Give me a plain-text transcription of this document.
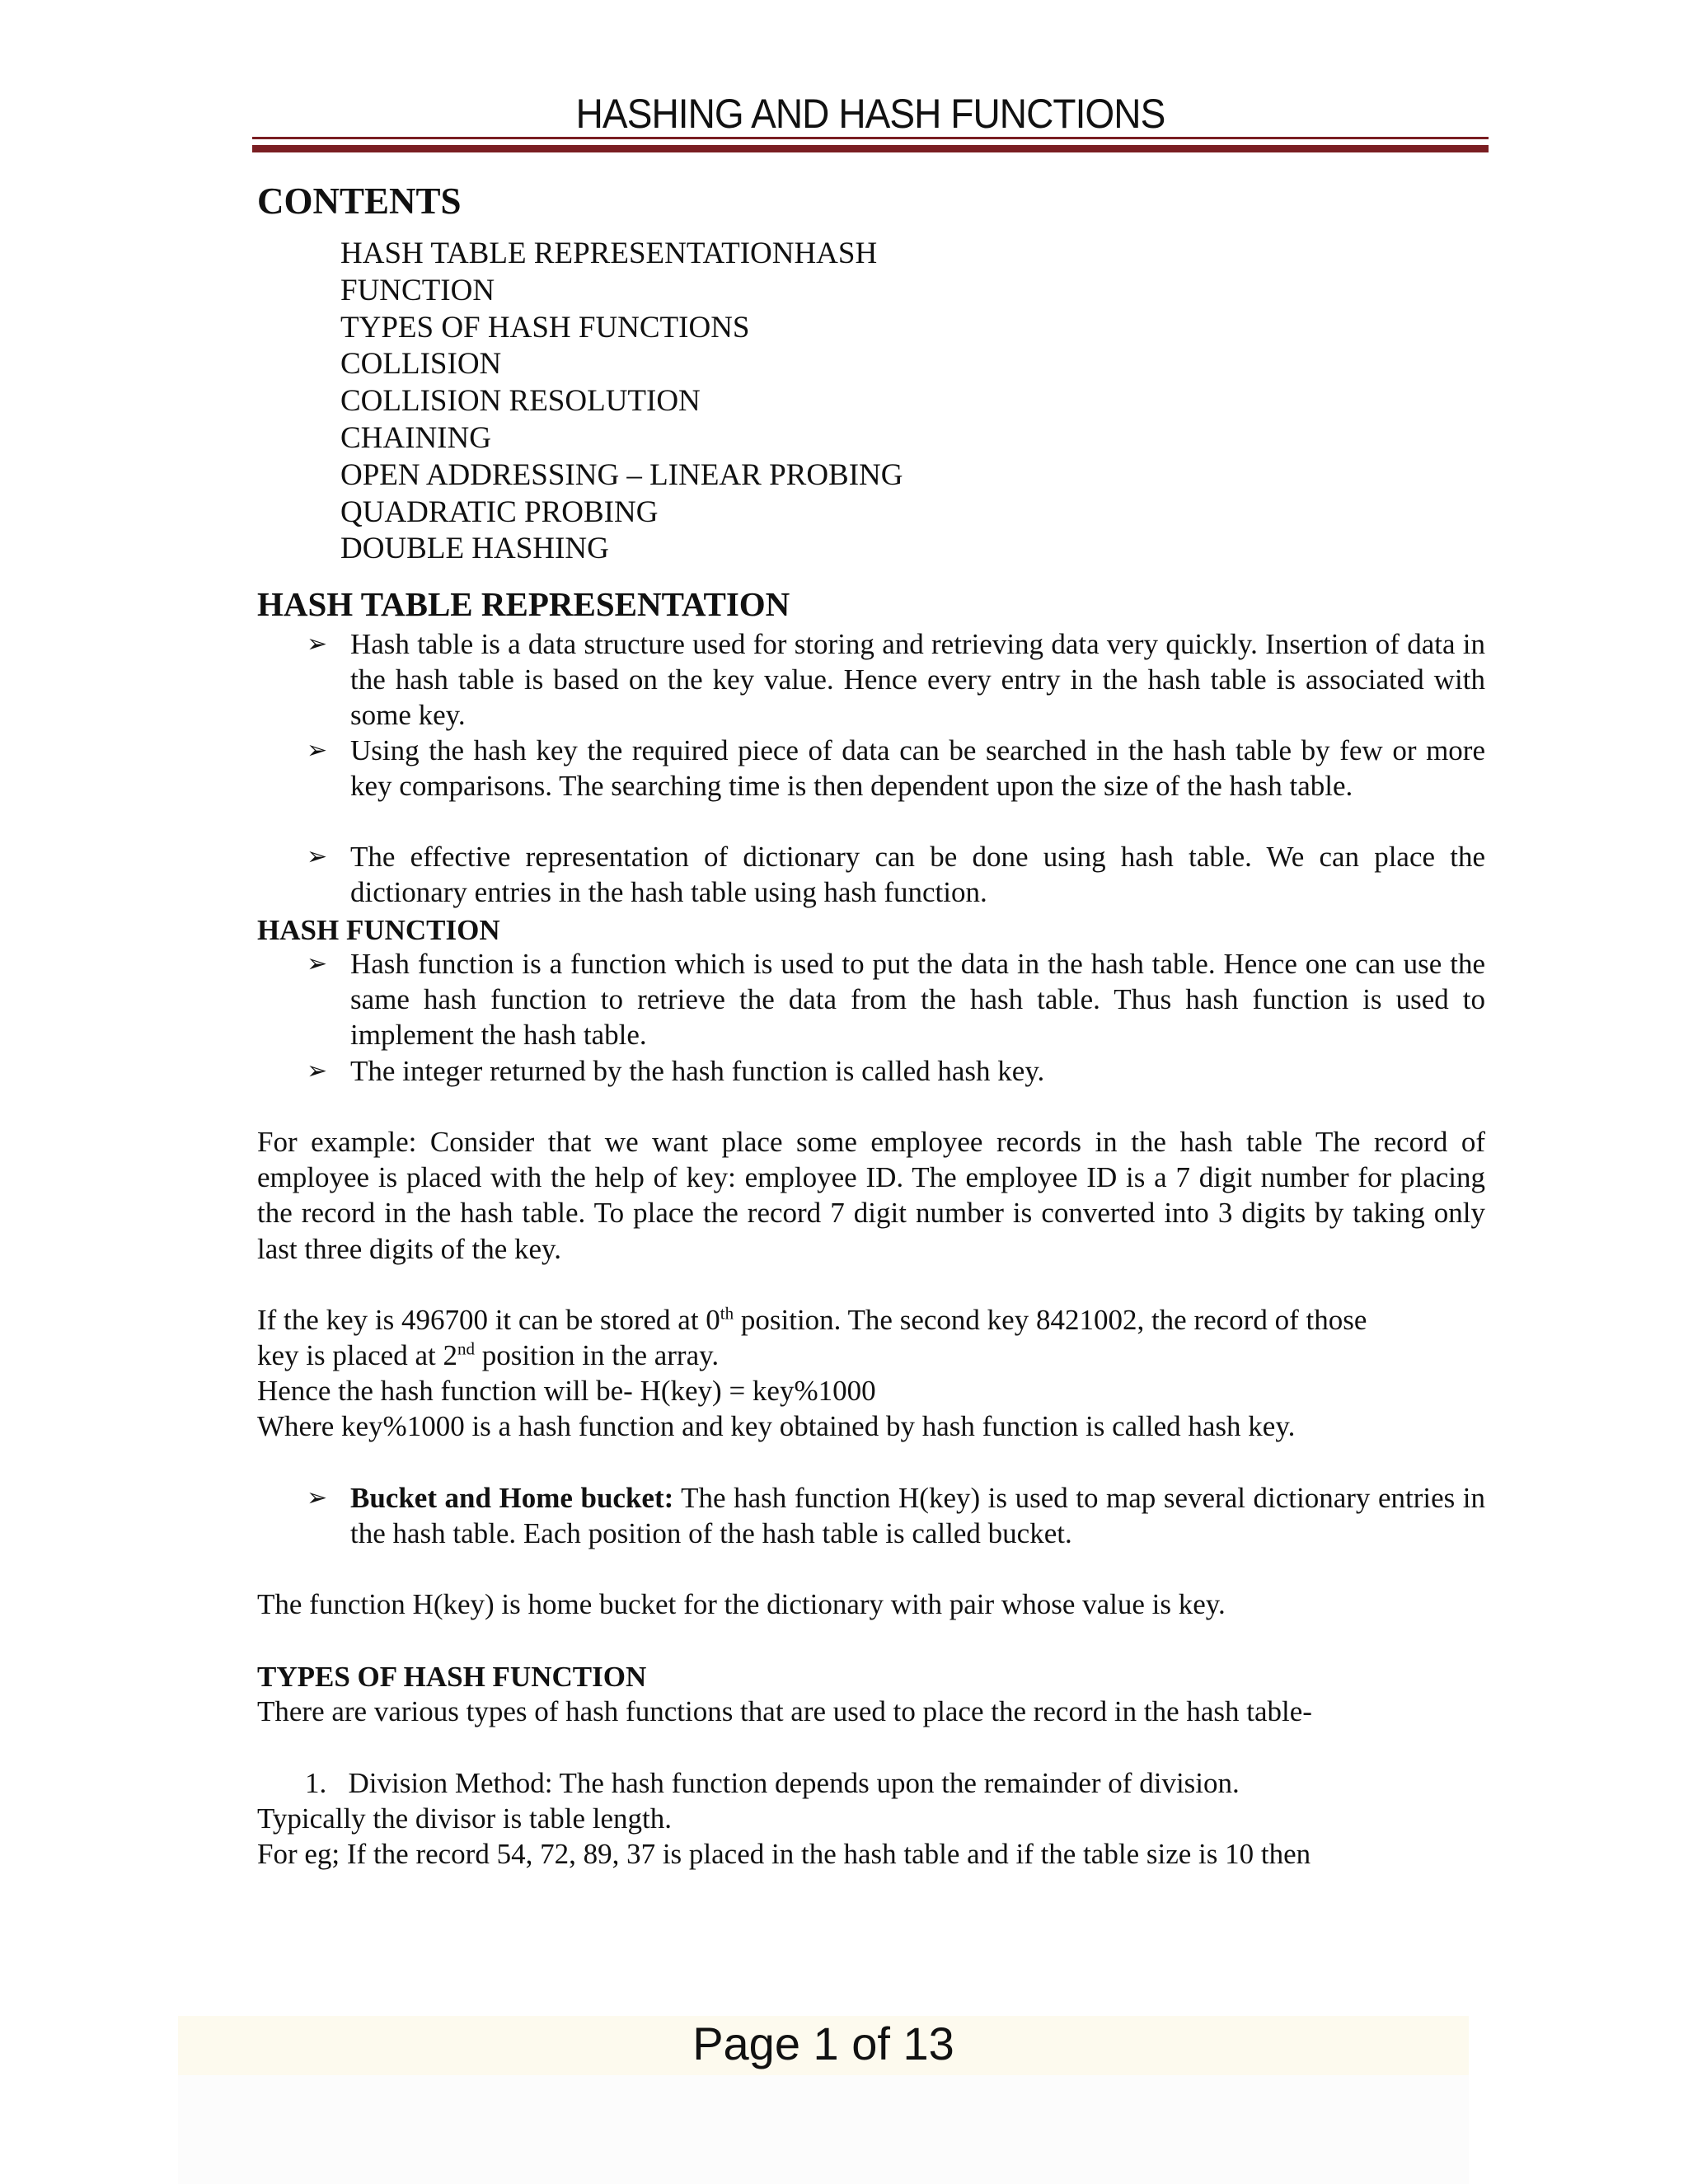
HASHING AND HASH FUNCTIONS
CONTENTS
HASH TABLE REPRESENTATIONHASH
FUNCTION
TYPES OF HASH FUNCTIONS
COLLISION
COLLISION RESOLUTION
CHAINING
OPEN ADDRESSING – LINEAR PROBING
QUADRATIC PROBING
DOUBLE HASHING
HASH TABLE REPRESENTATION
➢ Hash table is a data structure used for storing and retrieving data very quickly. Insertion of data in the hash table is based on the key value. Hence every entry in the hash table is associated with some key.
➢ Using the hash key the required piece of data can be searched in the hash table by few or more key comparisons. The searching time is then dependent upon the size of the hash table.
➢ The effective representation of dictionary can be done using hash table. We can place the dictionary entries in the hash table using hash function.
HASH FUNCTION
➢ Hash function is a function which is used to put the data in the hash table. Hence one can use the same hash function to retrieve the data from the hash table. Thus hash function is used to implement the hash table.
➢ The integer returned by the hash function is called hash key.
For example: Consider that we want place some employee records in the hash table The record of employee is placed with the help of key: employee ID. The employee ID is a 7 digit number for placing the record in the hash table. To place the record 7 digit number is converted into 3 digits by taking only last three digits of the key.
If the key is 496700 it can be stored at 0th position. The second key 8421002, the record of those
key is placed at 2nd position in the array.
Hence the hash function will be- H(key) = key%1000
Where key%1000 is a hash function and key obtained by hash function is called hash key.
➢ Bucket and Home bucket: The hash function H(key) is used to map several dictionary entries in the hash table. Each position of the hash table is called bucket.
The function H(key) is home bucket for the dictionary with pair whose value is key.
TYPES OF HASH FUNCTION
There are various types of hash functions that are used to place the record in the hash table-
1. Division Method: The hash function depends upon the remainder of division.
Typically the divisor is table length.
For eg; If the record 54, 72, 89, 37 is placed in the hash table and if the table size is 10 then
Page 1 of 13
